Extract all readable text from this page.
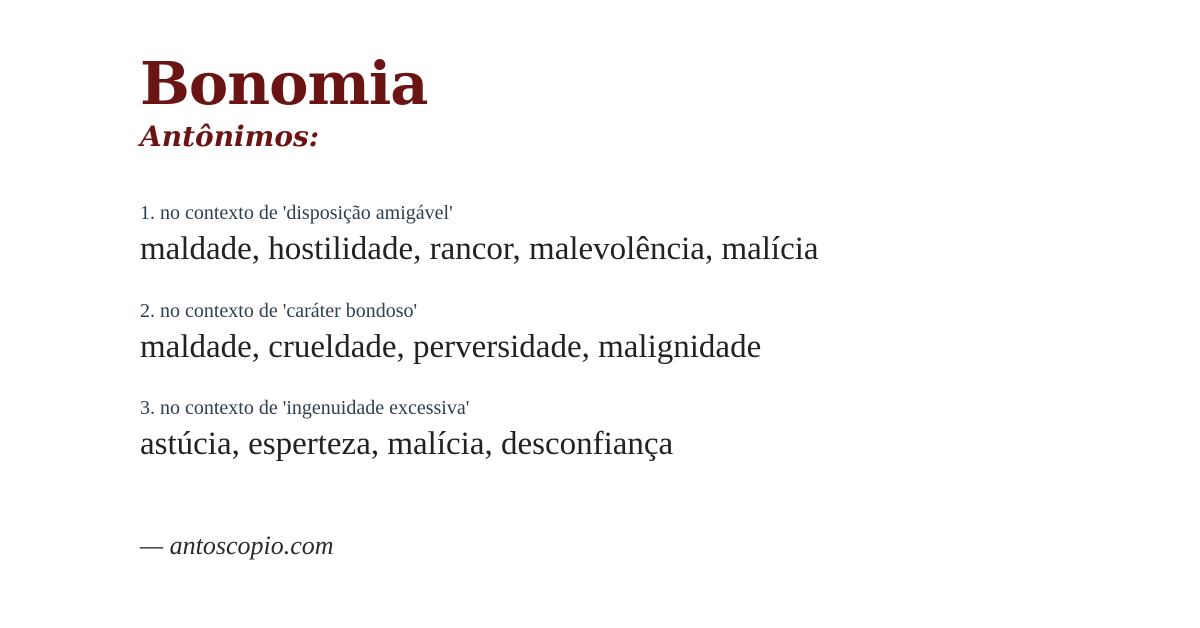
Bonomia
Antônimos:
1. no contexto de 'disposição amigável'
maldade, hostilidade, rancor, malevolência, malícia
2. no contexto de 'caráter bondoso'
maldade, crueldade, perversidade, malignidade
3. no contexto de 'ingenuidade excessiva'
astúcia, esperteza, malícia, desconfiança
— antoscopio.com
